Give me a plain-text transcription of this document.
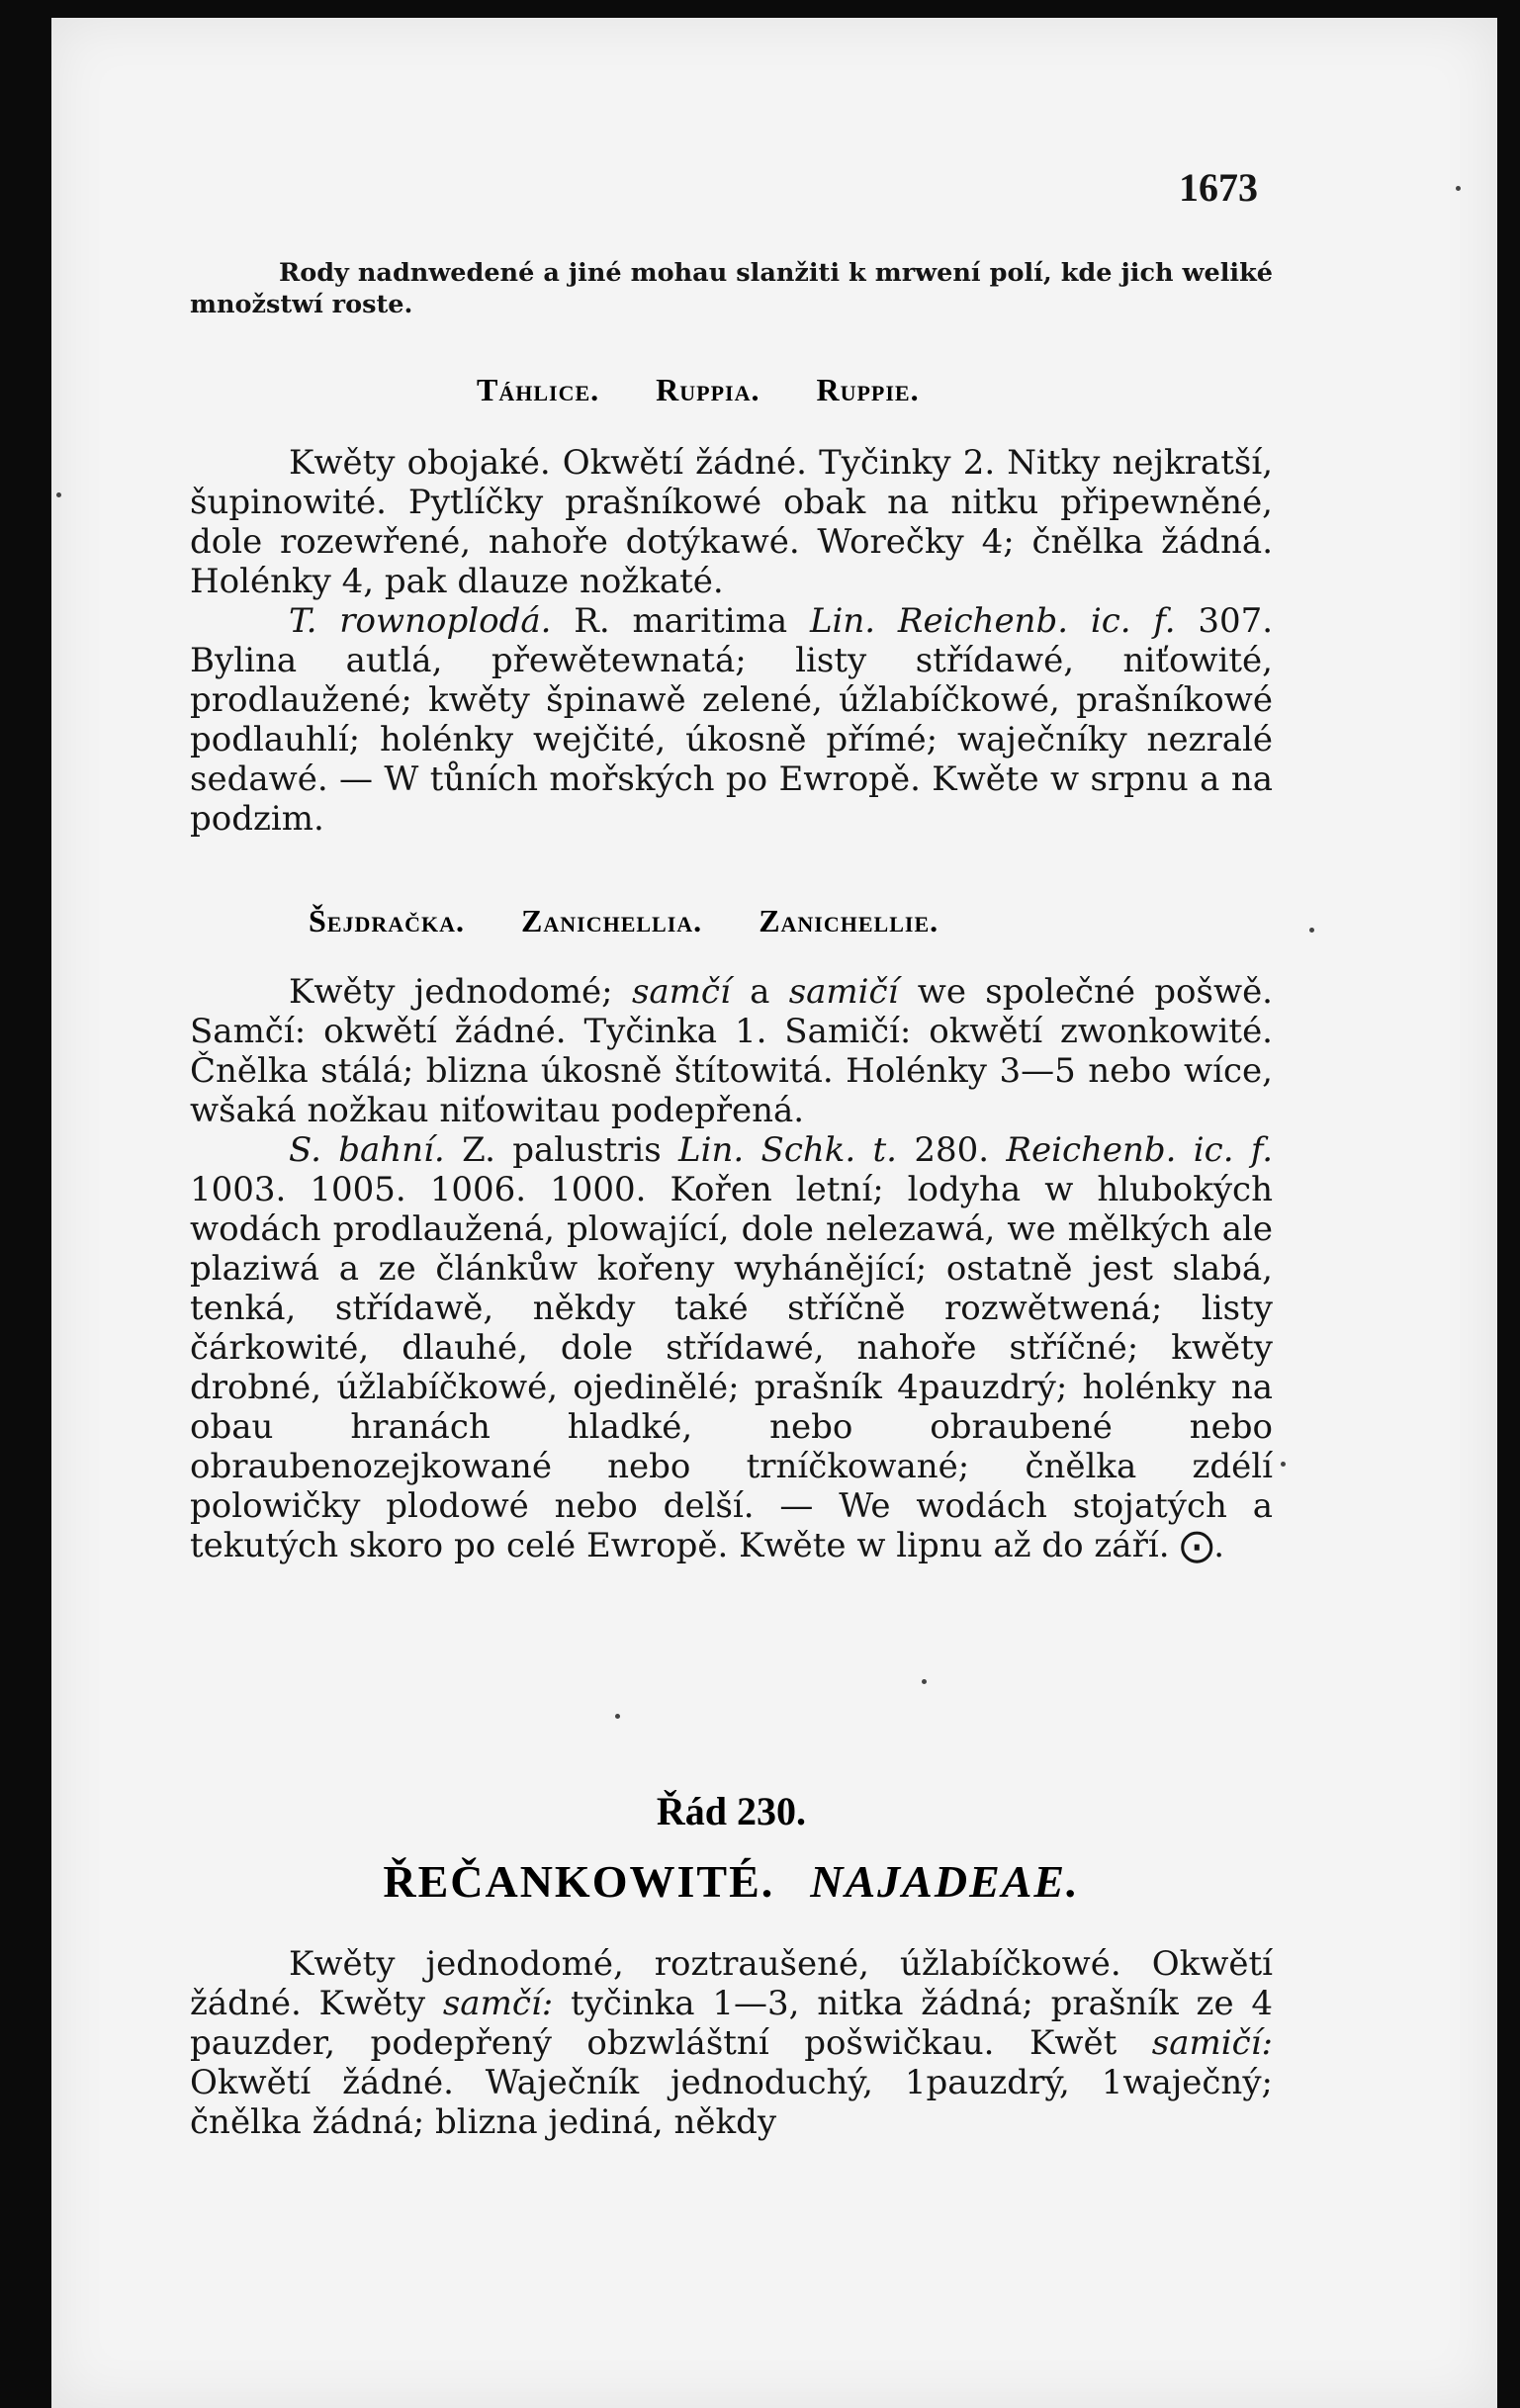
1673
Rody nadnwedené a jiné mohau slanžiti k mrwení polí, kde jich weliké množstwí roste.
Táhlice. Ruppia. Ruppie.

Kwěty obojaké. Okwětí žádné. Tyčinky 2. Nitky nejkratší, šupinowité. Pytlíčky prašníkowé obak na nitku připewněné, dole rozewřené, nahoře dotýkawé. Worečky 4; čnělka žádná. Holénky 4, pak dlauze nožkaté.

T. rownoplodá. R. maritima Lin. Reichenb. ic. f. 307. Bylina autlá, přewětewnatá; listy střídawé, niťowité, prodlaužené; kwěty špinawě zelené, úžlabíčkowé, prašníkowé podlauhlí; holénky wejčité, úkosně přímé; waječníky nezralé sedawé. — W tůních mořských po Ewropě. Kwěte w srpnu a na podzim.

Šejdračka. Zanichellia. Zanichellie.

Kwěty jednodomé; samčí a samičí we společné pošwě. Samčí: okwětí žádné. Tyčinka 1. Samičí: okwětí zwonkowité. Čnělka stálá; blizna úkosně štítowitá. Holénky 3—5 nebo wíce, wšaká nožkau niťowitau podepřená.

S. bahní. Z. palustris Lin. Schk. t. 280. Reichenb. ic. f. 1003. 1005. 1006. 1000. Kořen letní; lodyha w hlubokých wodách prodlaužená, plowající, dole nelezawá, we mělkých ale plaziwá a ze článkůw kořeny wyhánějící; ostatně jest slabá, tenká, střídawě, někdy také stříčně rozwětwená; listy čárkowité, dlauhé, dole střídawé, nahoře stříčné; kwěty drobné, úžlabíčkowé, ojedinělé; prašník 4pauzdrý; holénky na obau hranách hladké, nebo obraubené nebo obraubenozejkowané nebo trníčkowané; čnělka zdélí polowičky plodowé nebo delší. — We wodách stojatých a tekutých skoro po celé Ewropě. Kwěte w lipnu až do září. ⨀.

Řád 230.
ŘEČANKOWITÉ. NAJADEAE.

Kwěty jednodomé, roztraušené, úžlabíčkowé. Okwětí žádné. Kwěty samčí: tyčinka 1—3, nitka žádná; prašník ze 4 pauzder, podepřený obzwláštní pošwičkau. Kwět samičí: Okwětí žádné. Waječník jednoduchý, 1pauzdrý, 1waječný; čnělka žádná; blizna jediná, někdy
